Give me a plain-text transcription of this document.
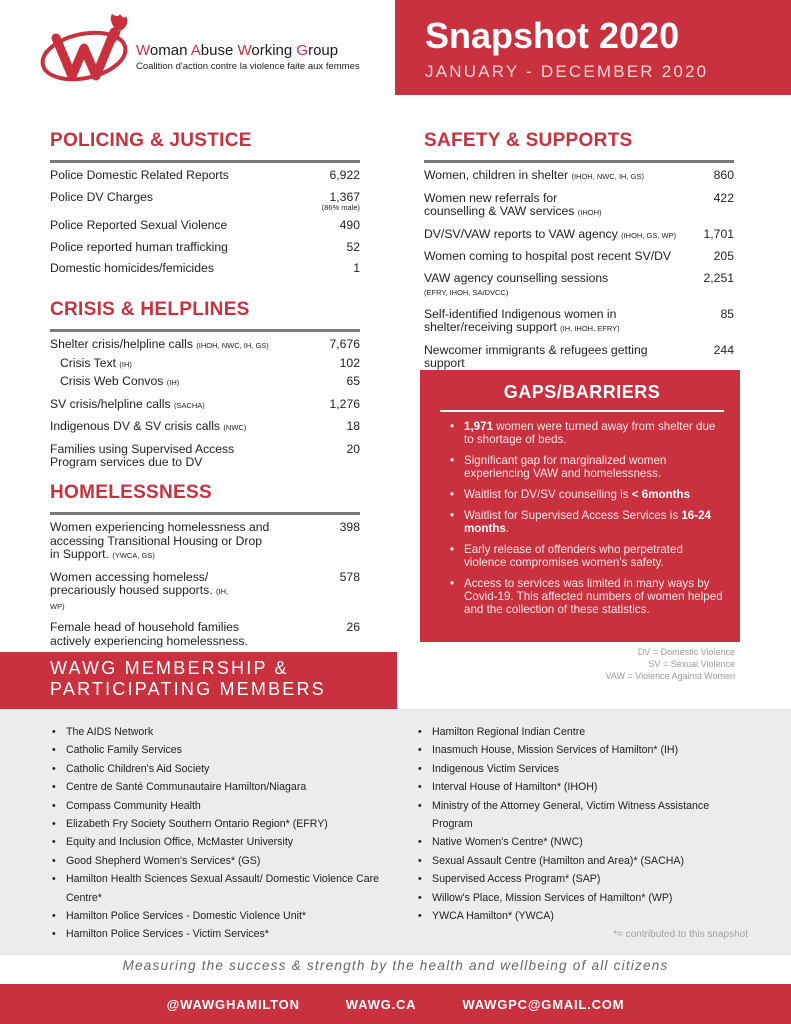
Woman Abuse Working Group
Coalition d'action contre la violence faite aux femmes
Snapshot 2020
JANUARY - DECEMBER 2020
POLICING & JUSTICE
Police Domestic Related Reports	6,922
Police DV Charges	1,367
(86% male)
Police Reported Sexual Violence	490
Police reported human trafficking	52
Domestic homicides/femicides	1
CRISIS & HELPLINES
Shelter crisis/helpline calls (IHOH, NWC, IH, GS)	7,676
Crisis Text (IH)	102
Crisis Web Convos (IH)	65
SV crisis/helpline calls (SACHA)	1,276
Indigenous DV & SV crisis calls (NWC)	18
Families using Supervised Access Program services due to DV
20
HOMELESSNESS
Women experiencing homelessness and accessing Transitional Housing or Drop in Support. (YWCA, GS)
398
Women accessing homeless/ precariously housed supports. (IH, WP)
578
Female head of household families actively experiencing homelessness.
26
SAFETY & SUPPORTS
Women, children in shelter (IHOH, NWC, IH, GS)	860
Women new referrals for counselling & VAW services (IHOH)
422
DV/SV/VAW reports to VAW agency (IHOH, GS, WP)	1,701
Women coming to hospital post recent SV/DV	205
VAW agency counselling sessions
(EFRY, IHOH, SA/DVCC)
2,251
Self-identified Indigenous women in shelter/receiving support (IH, IHOH, EFRY)
85
Newcomer immigrants & refugees getting support

244
GAPS/BARRIERS
• 1,971 women were turned away from shelter due to shortage of beds.
• Significant gap for marginalized women experiencing VAW and homelessness.
• Waitlist for DV/SV counselling is < 6months
• Waitlist for Supervised Access Services is 16-24 months.
• Early release of offenders who perpetrated violence compromises women's safety.
• Access to services was limited in many ways by Covid-19. This affected numbers of women helped and the collection of these statistics.
DV = Domestic Violence
SV = Sexual Violence
VAW = Violence Against Women
WAWG MEMBERSHIP &
PARTICIPATING MEMBERS
• The AIDS Network
• Catholic Family Services
• Catholic Children's Aid Society
• Centre de Santé Communautaire Hamilton/Niagara
• Compass Community Health
• Elizabeth Fry Society Southern Ontario Region* (EFRY)
• Equity and Inclusion Office, McMaster University
• Good Shepherd Women's Services* (GS)
• Hamilton Health Sciences Sexual Assault/ Domestic Violence Care Centre*
• Hamilton Police Services - Domestic Violence Unit*
• Hamilton Police Services - Victim Services*
• Hamilton Regional Indian Centre
• Inasmuch House, Mission Services of Hamilton* (IH)
• Indigenous Victim Services
• Interval House of Hamilton* (IHOH)
• Ministry of the Attorney General, Victim Witness Assistance Program
• Native Women's Centre* (NWC)
• Sexual Assault Centre (Hamilton and Area)* (SACHA)
• Supervised Access Program* (SAP)
• Willow's Place, Mission Services of Hamilton* (WP)
• YWCA Hamilton* (YWCA)
*= contributed to this snapshot
Measuring the success & strength by the health and wellbeing of all citizens
@WAWGHAMILTON	WAWG.CA	WAWGPC@GMAIL.COM
